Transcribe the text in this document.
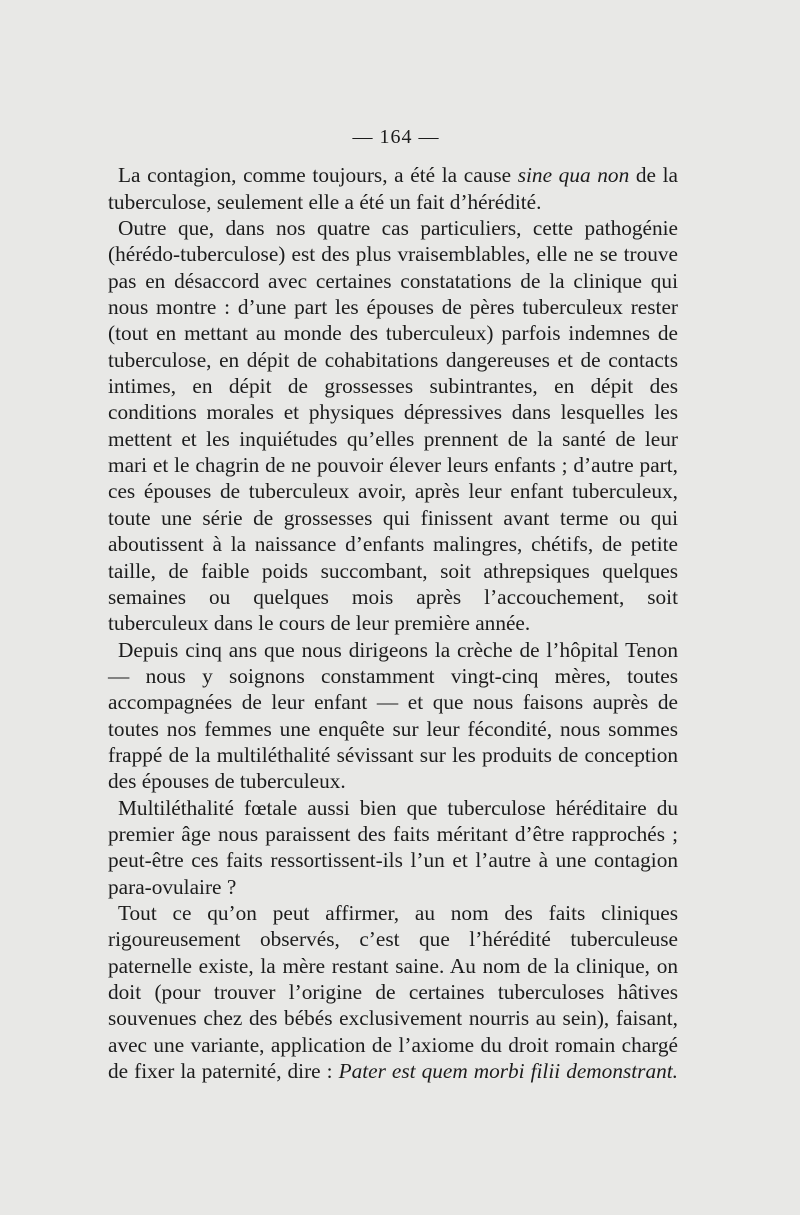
— 164 —

La contagion, comme toujours, a été la cause sine qua non de la tuberculose, seulement elle a été un fait d’hérédité.

Outre que, dans nos quatre cas particuliers, cette pathogénie (hérédo-tuberculose) est des plus vraisemblables, elle ne se trouve pas en désaccord avec certaines constatations de la clinique qui nous montre : d’une part les épouses de pères tuberculeux rester (tout en mettant au monde des tuberculeux) parfois indemnes de tuberculose, en dépit de cohabitations dangereuses et de contacts intimes, en dépit de grossesses subintrantes, en dépit des conditions morales et physiques dépressives dans lesquelles les mettent et les inquiétudes qu’elles prennent de la santé de leur mari et le chagrin de ne pouvoir élever leurs enfants ; d’autre part, ces épouses de tuberculeux avoir, après leur enfant tuberculeux, toute une série de grossesses qui finissent avant terme ou qui aboutissent à la naissance d’enfants malingres, chétifs, de petite taille, de faible poids succombant, soit athrepsiques quelques semaines ou quelques mois après l’accouchement, soit tuberculeux dans le cours de leur première année.

Depuis cinq ans que nous dirigeons la crèche de l’hôpital Tenon — nous y soignons constamment vingt-cinq mères, toutes accompagnées de leur enfant — et que nous faisons auprès de toutes nos femmes une enquête sur leur fécondité, nous sommes frappé de la multiléthalité sévissant sur les produits de conception des épouses de tuberculeux.

Multiléthalité fœtale aussi bien que tuberculose héréditaire du premier âge nous paraissent des faits méritant d’être rapprochés ; peut-être ces faits ressortissent-ils l’un et l’autre à une contagion para-ovulaire ?

Tout ce qu’on peut affirmer, au nom des faits cliniques rigoureusement observés, c’est que l’hérédité tuberculeuse paternelle existe, la mère restant saine. Au nom de la clinique, on doit (pour trouver l’origine de certaines tuberculoses hâtives souvenues chez des bébés exclusivement nourris au sein), faisant, avec une variante, application de l’axiome du droit romain chargé de fixer la paternité, dire : Pater est quem morbi filii demonstrant.
